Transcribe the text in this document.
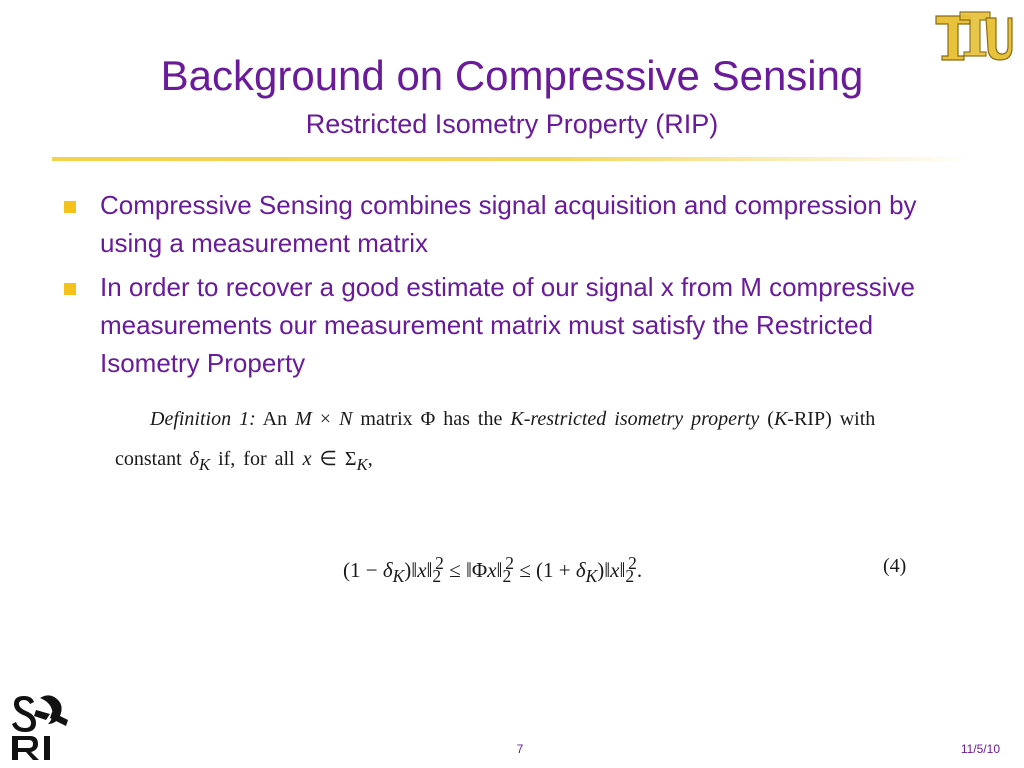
Background on Compressive Sensing
Restricted Isometry Property (RIP)
Compressive Sensing combines signal acquisition and compression by using a measurement matrix
In order to recover a good estimate of our signal x from M compressive measurements our measurement matrix must satisfy the Restricted Isometry Property
Definition 1: An M × N matrix Φ has the K-restricted isometry property (K-RIP) with
constant $\delta_K$ if, for all x ∈ $\Sigma_K$,
$(1 - \delta_K)‖x‖_2^2$ ≤ $‖\Phi x‖_2^2 \le (1$ + $\delta_K)‖x‖_2^2$.	(4)
7	11/5/10
